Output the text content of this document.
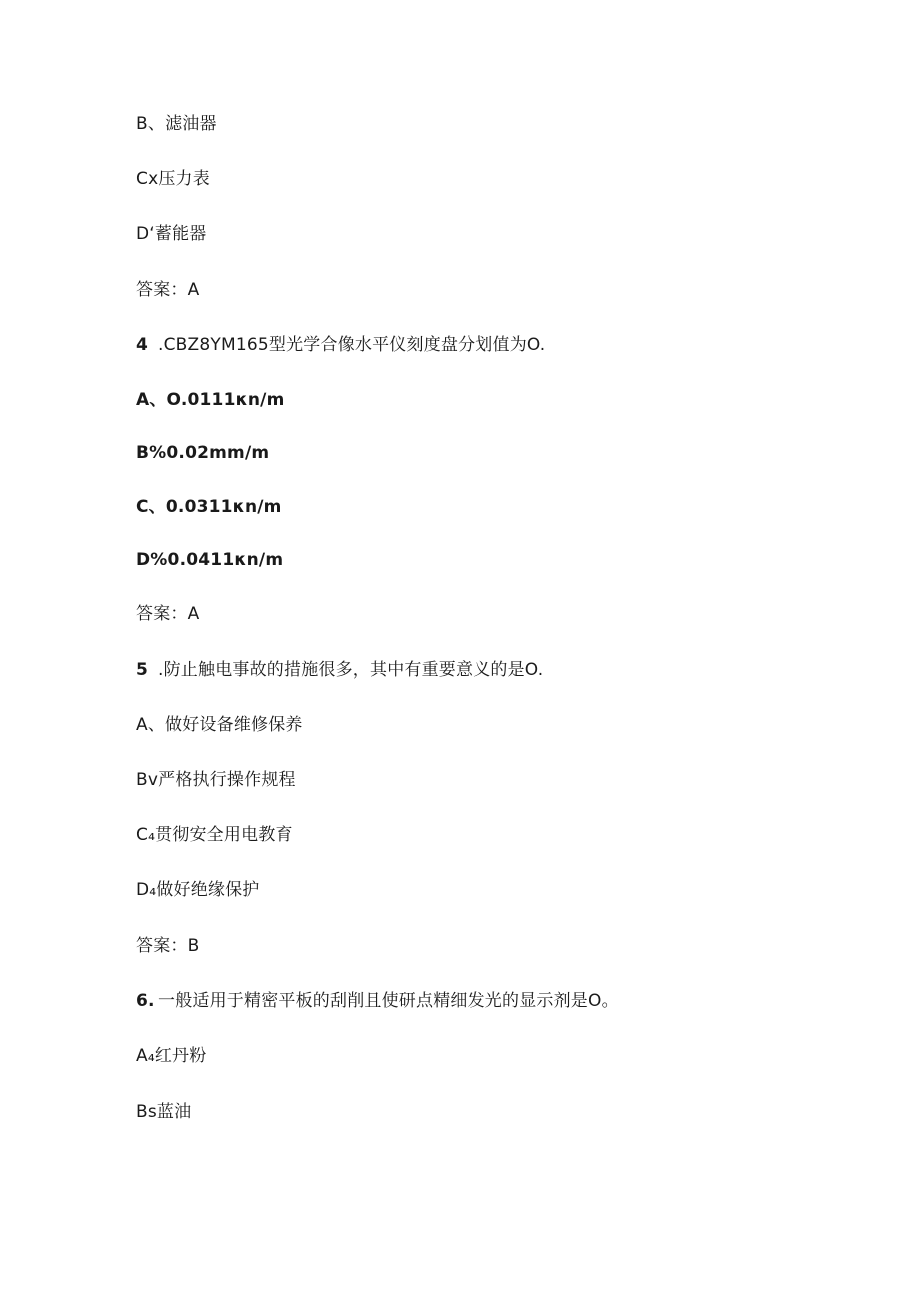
B、滤油器
Cx压力表
D‘蓄能器
答案：A
4 .CBZ8YM165型光学合像水平仪刻度盘分划值为O.
A、O.0111κn∕m
B%0.02mm∕m
C、0.0311κn∕m
D%0.0411κn∕m
答案：A
5 .防止触电事故的措施很多，其中有重要意义的是O.
A、做好设备维修保养
Bv严格执行操作规程
C₄贯彻安全用电教育
D₄做好绝缘保护
答案：B
6. 一般适用于精密平板的刮削且使研点精细发光的显示剂是O。
A₄红丹粉
Bs蓝油
